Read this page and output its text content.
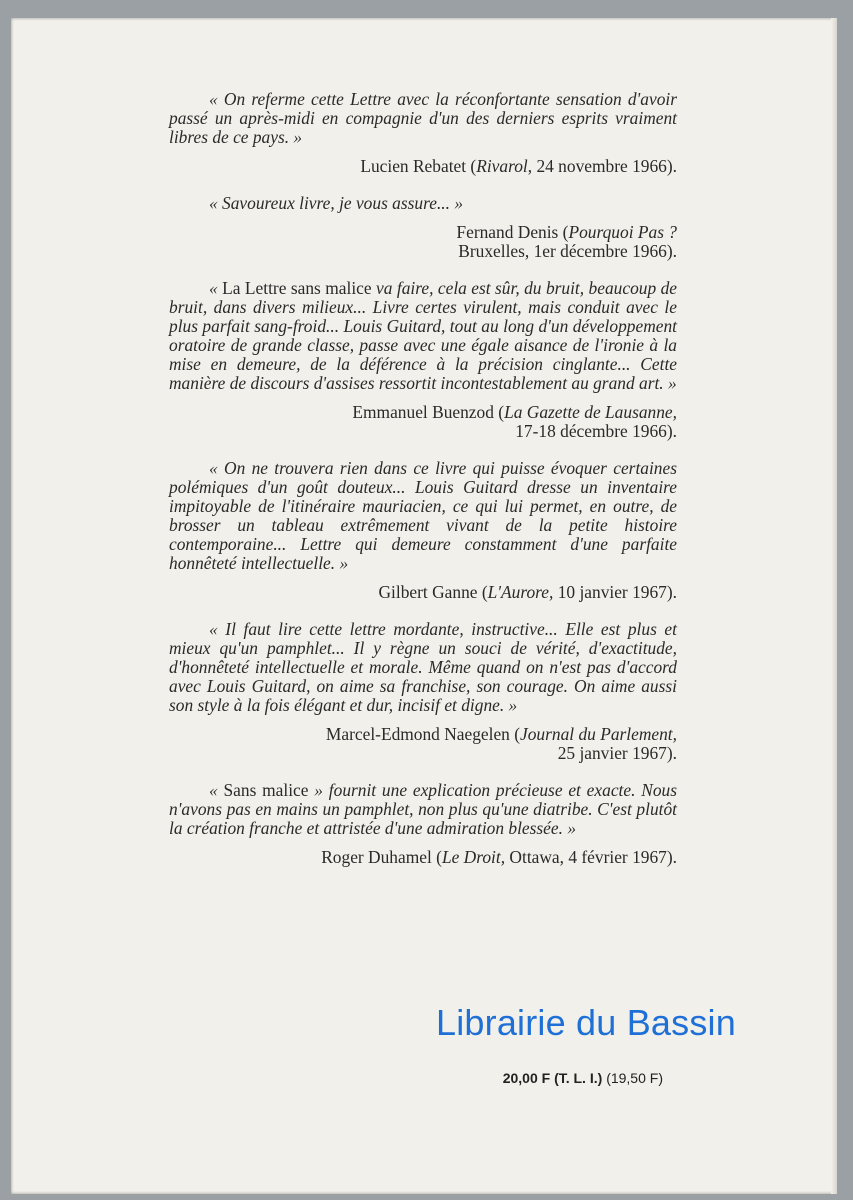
« On referme cette Lettre avec la réconfortante sensation d'avoir passé un après-midi en compagnie d'un des derniers esprits vraiment libres de ce pays. »

Lucien Rebatet (Rivarol, 24 novembre 1966).

« Savoureux livre, je vous assure... »

Fernand Denis (Pourquoi Pas ?
Bruxelles, 1er décembre 1966).

« La Lettre sans malice va faire, cela est sûr, du bruit, beaucoup de bruit, dans divers milieux... Livre certes virulent, mais conduit avec le plus parfait sang-froid... Louis Guitard, tout au long d'un développement oratoire de grande classe, passe avec une égale aisance de l'ironie à la mise en demeure, de la déférence à la précision cinglante... Cette manière de discours d'assises ressortit incontestablement au grand art. »

Emmanuel Buenzod (La Gazette de Lausanne,
17-18 décembre 1966).

« On ne trouvera rien dans ce livre qui puisse évoquer certaines polémiques d'un goût douteux... Louis Guitard dresse un inventaire impitoyable de l'itinéraire mauriacien, ce qui lui permet, en outre, de brosser un tableau extrêmement vivant de la petite histoire contemporaine... Lettre qui demeure constamment d'une parfaite honnêteté intellectuelle. »

Gilbert Ganne (L'Aurore, 10 janvier 1967).

« Il faut lire cette lettre mordante, instructive... Elle est plus et mieux qu'un pamphlet... Il y règne un souci de vérité, d'exactitude, d'honnêteté intellectuelle et morale. Même quand on n'est pas d'accord avec Louis Guitard, on aime sa franchise, son courage. On aime aussi son style à la fois élégant et dur, incisif et digne. »

Marcel-Edmond Naegelen (Journal du Parlement,
25 janvier 1967).

« Sans malice » fournit une explication précieuse et exacte. Nous n'avons pas en mains un pamphlet, non plus qu'une diatribe. C'est plutôt la création franche et attristée d'une admiration blessée. »

Roger Duhamel (Le Droit, Ottawa, 4 février 1967).

Librairie du Bassin
20,00 F (T. L. I.) (19,50 F)
